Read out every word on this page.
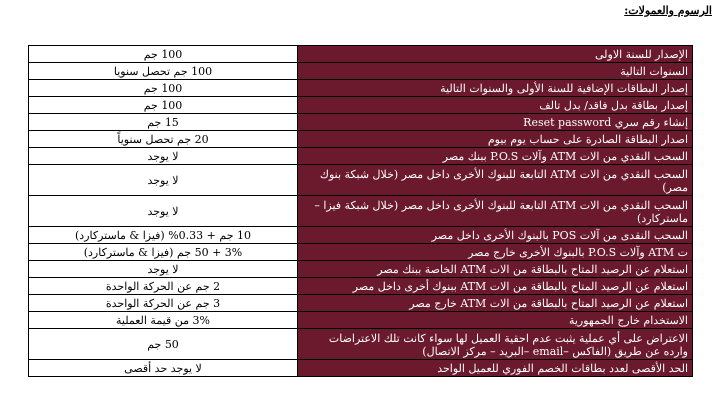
الرسوم والعمولات:
الإصدار للسنة الاولى	100 جم
السنوات التالية	100 جم تحصل سنويا
إصدار البطاقات الإضافية للسنة الأولى والسنوات التالية	100 جم
إصدار بطاقة بدل فاقد/ بدل تالف	100 جم
إنشاء رقم سري Reset password	15 جم
اصدار البطاقة الصادرة على حساب يوم بيوم	20 جم تحصل سنوياً
السحب النقدي من الات ATM وآلات P.O.S ببنك مصر	لا يوجد
السحب النقدي من الات ATM التابعة للبنوك الأخرى داخل مصر (خلال شبكة بنوك مصر)	لا يوجد
السحب النقدي من الات ATM التابعة للبنوك الأخرى داخل مصر (خلال شبكة فيزا – ماستركارد)	لا يوجد
السحب النقدى من آلات POS بالبنوك الأخرى داخل مصر	10 جم + 0.33% (فيزا & ماستركارد)
ت ATM وآلات P.O.S بالبنوك الأخرى خارج مصر	3% + 50 جم (فيزا & ماستركارد)
استعلام عن الرصيد المتاح بالبطاقة من الات ATM الخاصة ببنك مصر	لا يوجد
استعلام عن الرصيد المتاح بالبطاقة من الات ATM ببنوك أخرى داخل مصر	2 جم عن الحركة الواحدة
استعلام عن الرصيد المتاح بالبطاقة من الات ATM خارج مصر	3 جم عن الحركة الواحدة
الاستخدام خارج الجمهورية	3% من قيمة العملية
الاعتراض على أي عملية يثبت عدم احقية العميل لها سواء كانت تلك الاعتراضات وارده عن طريق (الفاكس –email –البريد – مركز الاتصال)	50 جم
الحد الأقصى لعدد بطاقات الخصم الفوري للعميل الواحد	لا يوجد حد أقصى
